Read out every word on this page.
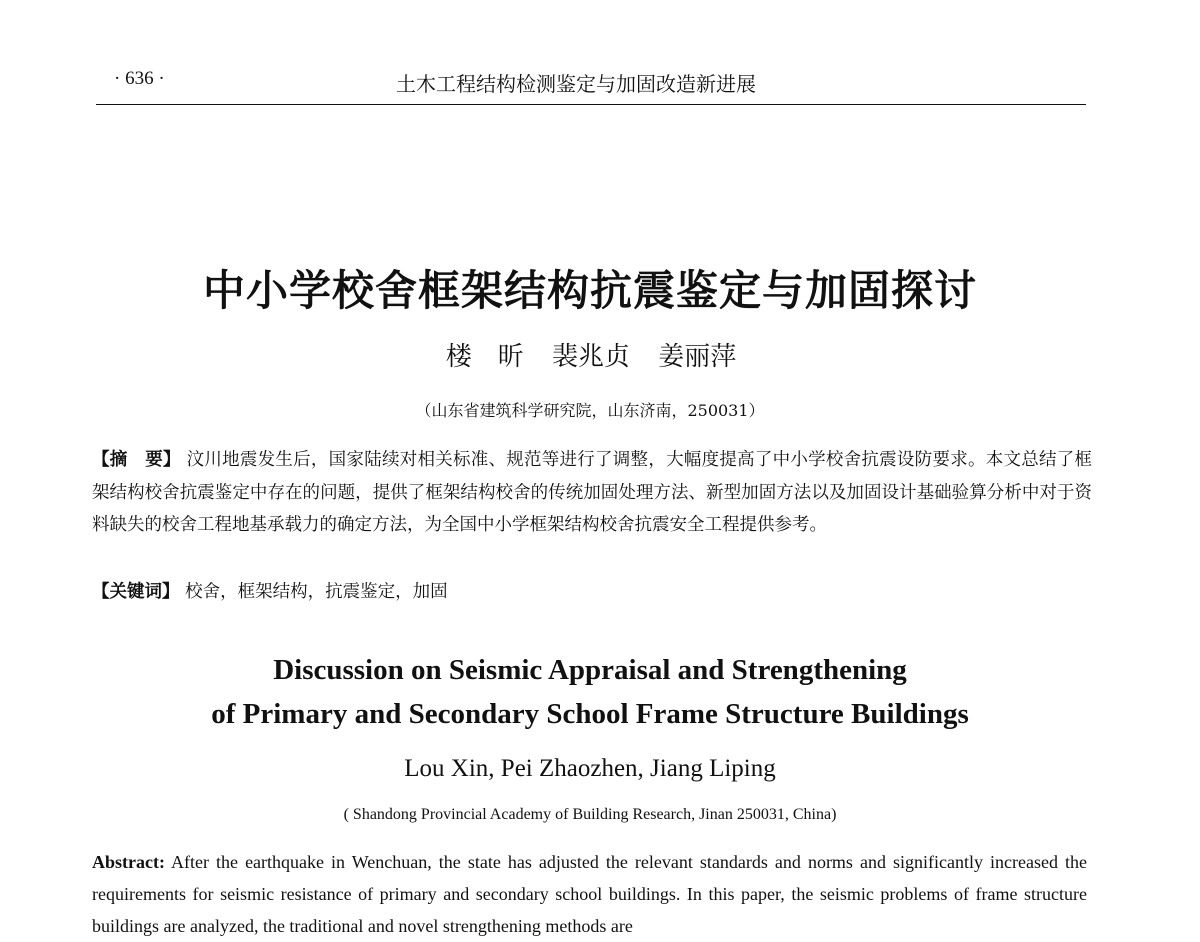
· 636 ·	土木工程结构检测鉴定与加固改造新进展
中小学校舍框架结构抗震鉴定与加固探讨
楼　昕 裴兆贞 姜丽萍
（山东省建筑科学研究院，山东济南，250031）
【摘　要】 汶川地震发生后，国家陆续对相关标准、规范等进行了调整，大幅度提高了中小学校舍抗震设防要求。本文总结了框架结构校舍抗震鉴定中存在的问题，提供了框架结构校舍的传统加固处理方法、新型加固方法以及加固设计基础验算分析中对于资料缺失的校舍工程地基承载力的确定方法，为全国中小学框架结构校舍抗震安全工程提供参考。
【关键词】 校舍，框架结构，抗震鉴定，加固
Discussion on Seismic Appraisal and Strengthening
of Primary and Secondary School Frame Structure Buildings
Lou Xin, Pei Zhaozhen, Jiang Liping
( Shandong Provincial Academy of Building Research, Jinan 250031, China)
Abstract: After the earthquake in Wenchuan, the state has adjusted the relevant standards and norms and significantly increased the requirements for seismic resistance of primary and secondary school buildings. In this paper, the seismic problems of frame structure buildings are analyzed, the traditional and novel strengthening methods are
